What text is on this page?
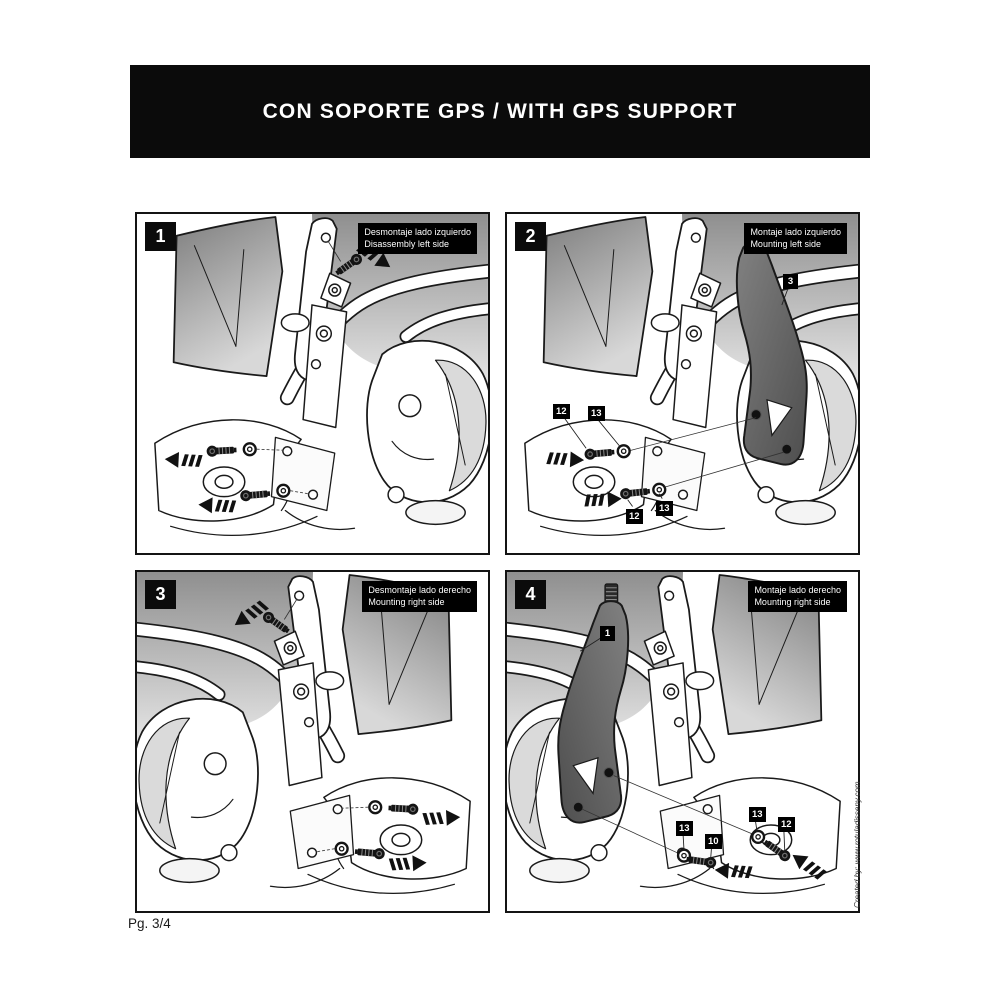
CON SOPORTE GPS / WITH GPS SUPPORT
1	Desmontaje lado izquierdo
Disassembly left side	2	Montaje lado izquierdo
Mounting left side
3
12	13
12
13
3	Desmontaje lado derecho
Mounting right side	4	Montaje lado derecho
Mounting right side
1
13
10
13
12
Pg. 3/4
Created by: www.rotuladisseny.com
